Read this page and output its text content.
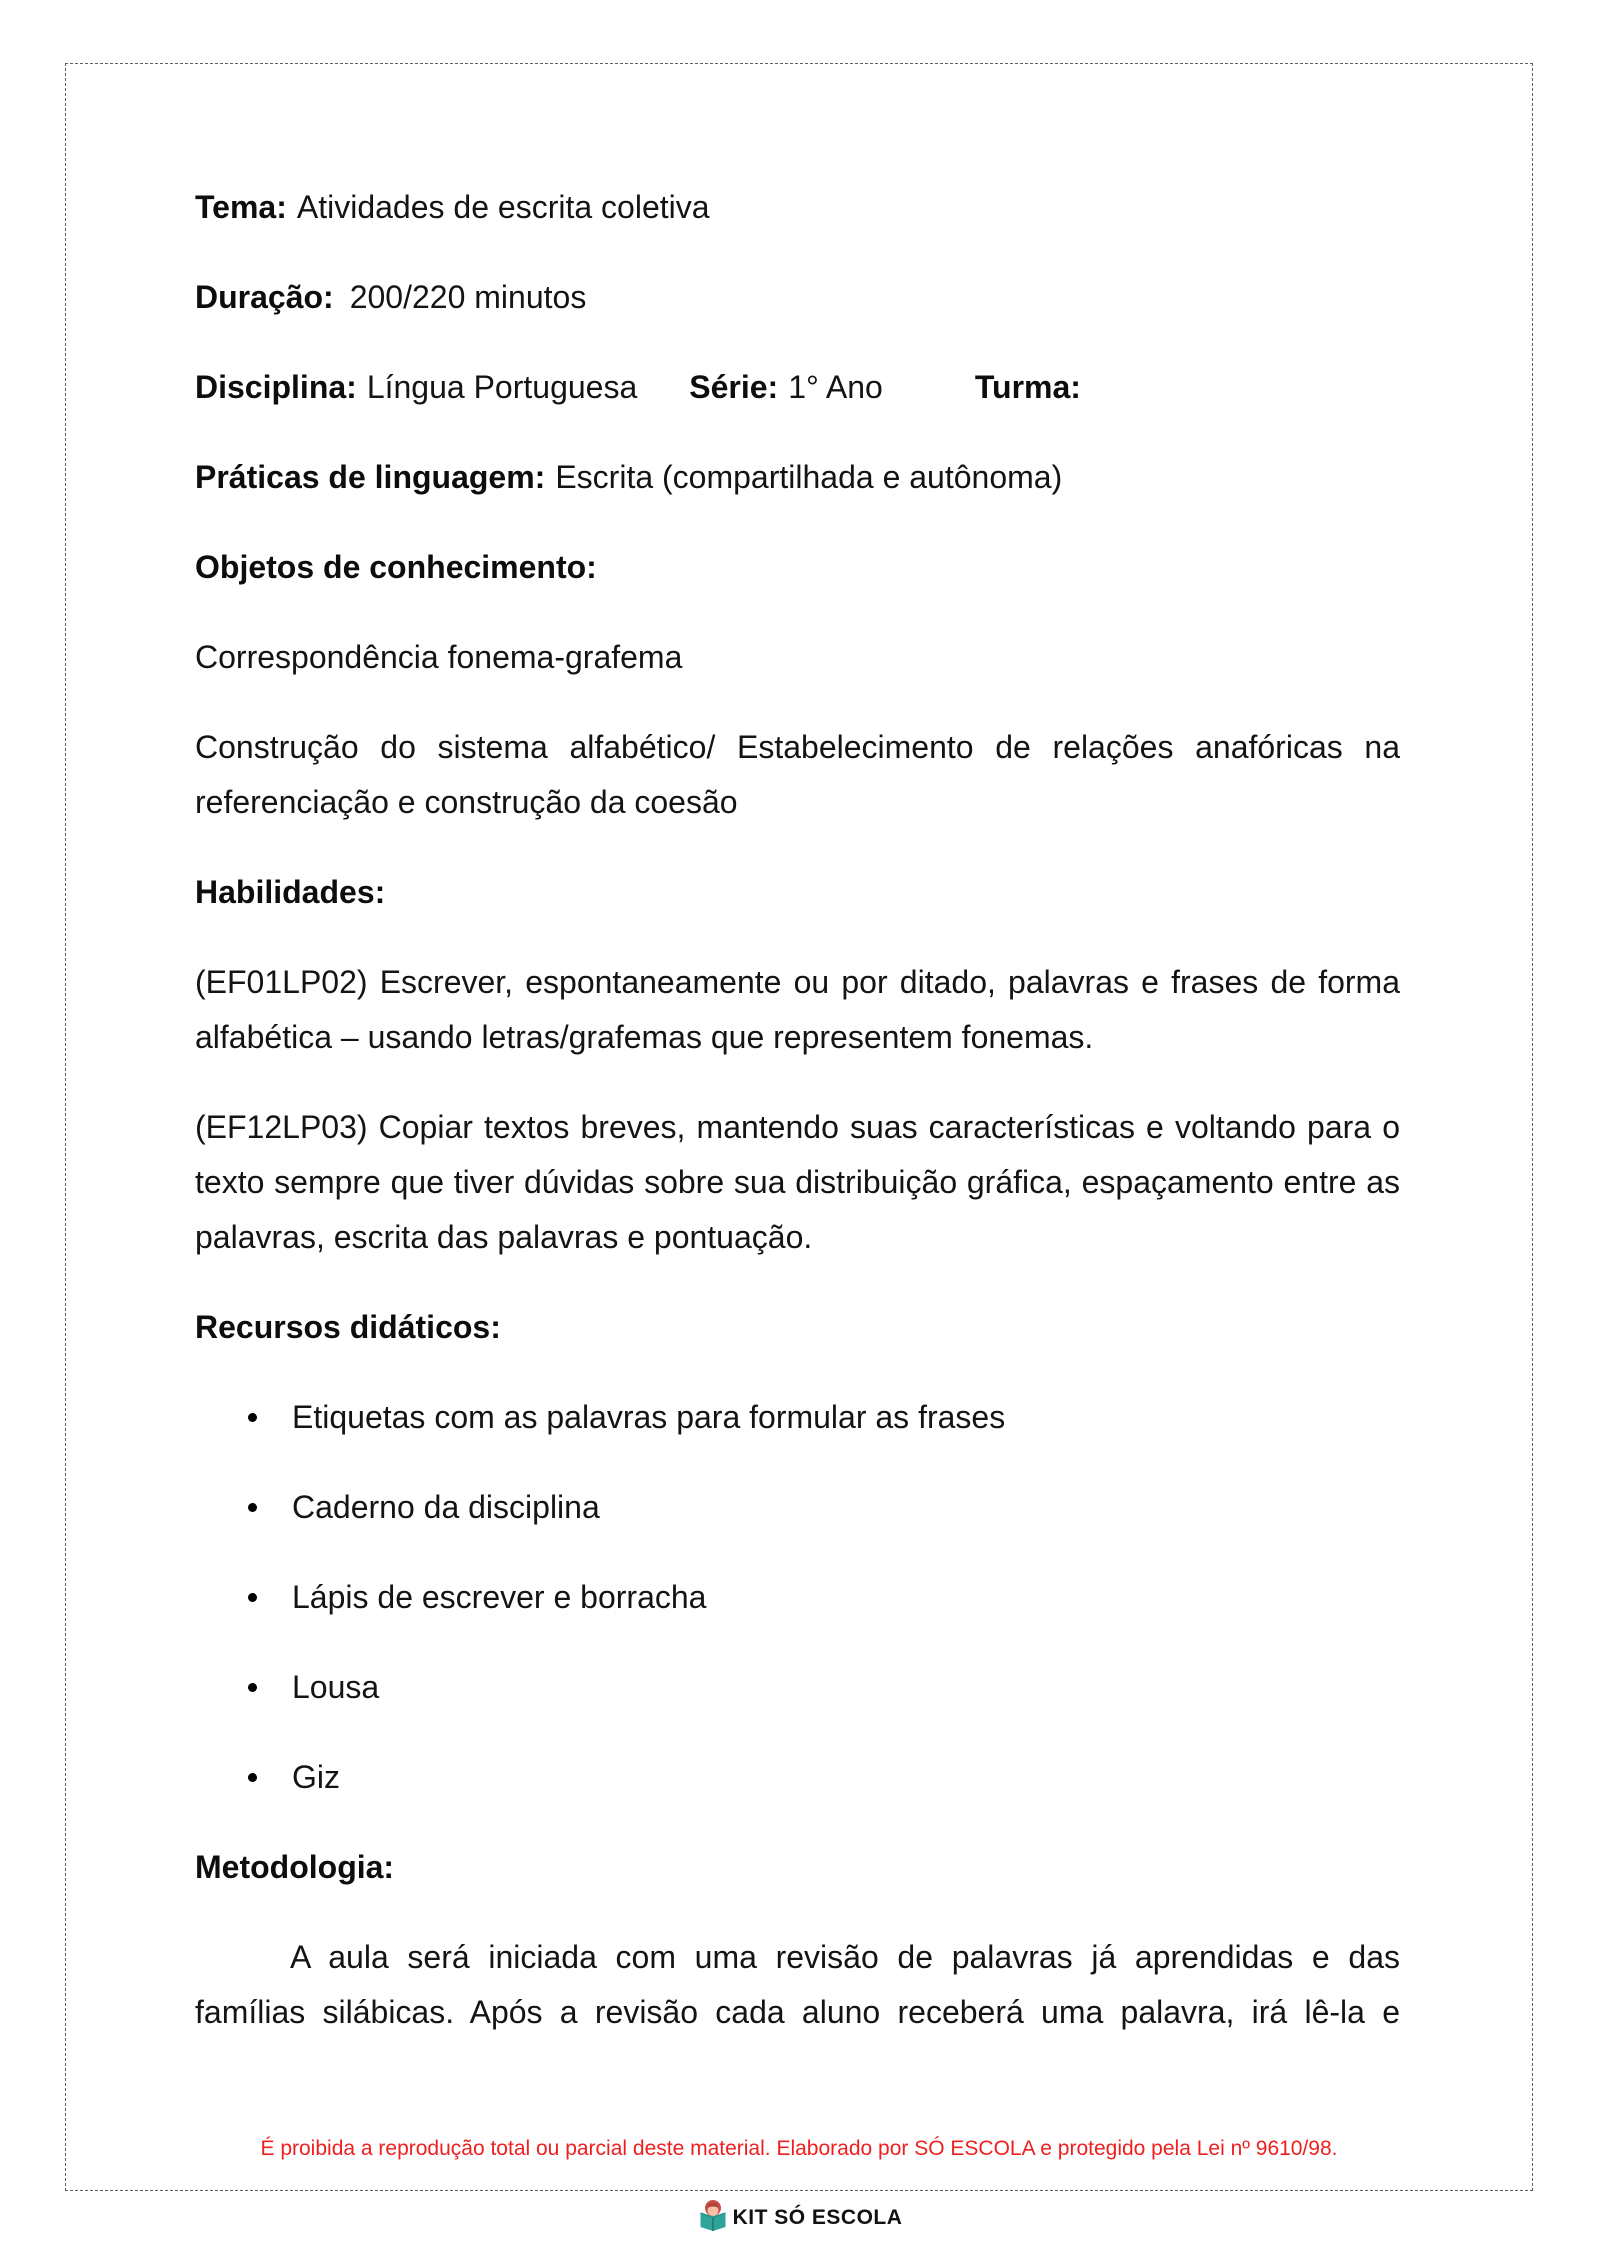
Tema: Atividades de escrita coletiva

Duração: 200/220 minutos

Disciplina: Língua Portuguesa Série: 1° Ano	Turma:

Práticas de linguagem: Escrita (compartilhada e autônoma)

Objetos de conhecimento:

Correspondência fonema-grafema

Construção do sistema alfabético/ Estabelecimento de relações anafóricas na
referenciação e construção da coesão

Habilidades:

(EF01LP02) Escrever, espontaneamente ou por ditado, palavras e frases de forma
alfabética – usando letras/grafemas que representem fonemas.
(EF12LP03) Copiar textos breves, mantendo suas características e voltando para o
texto sempre que tiver dúvidas sobre sua distribuição gráfica, espaçamento entre as
palavras, escrita das palavras e pontuação.

Recursos didáticos:

Etiquetas com as palavras para formular as frases
Caderno da disciplina
Lápis de escrever e borracha
Lousa
Giz

Metodologia:

A aula será iniciada com uma revisão de palavras já aprendidas e das
famílias silábicas. Após a revisão cada aluno receberá uma palavra, irá lê-la e
É proibida a reprodução total ou parcial deste material. Elaborado por SÓ ESCOLA e protegido pela Lei nº 9610/98.
KIT SÓ ESCOLA
